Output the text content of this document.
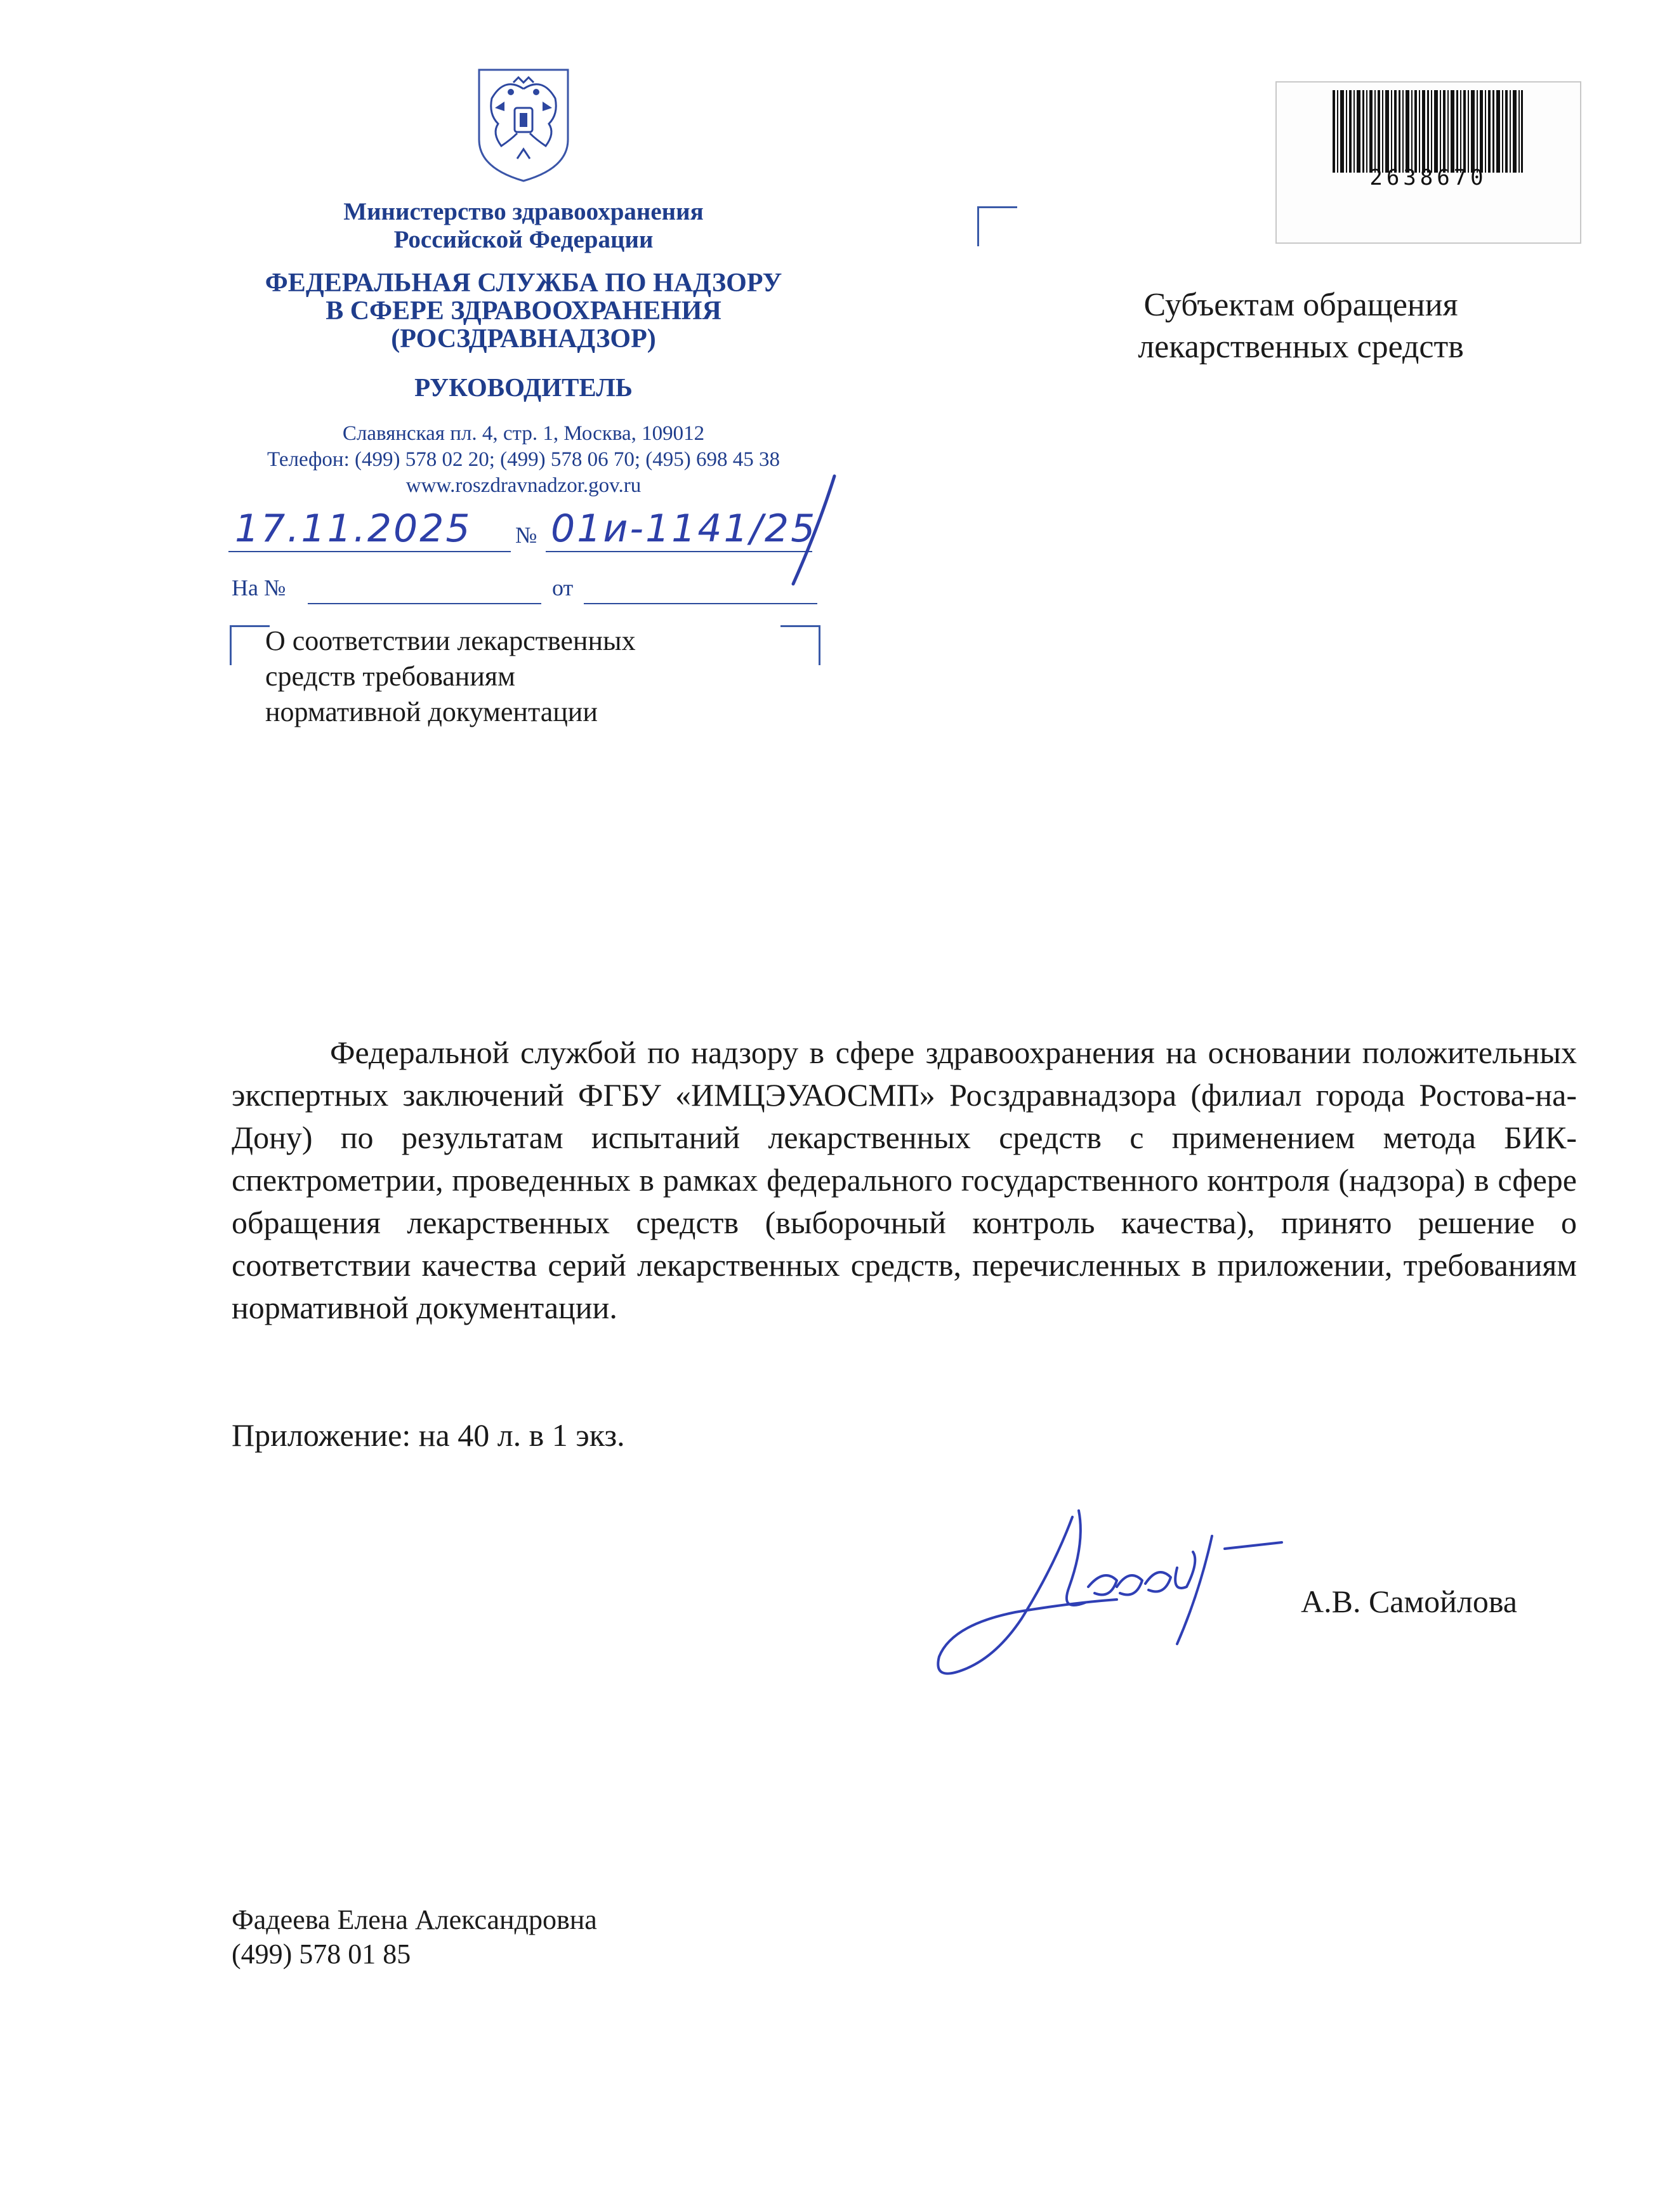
Министерство здравоохранения
Российской Федерации
ФЕДЕРАЛЬНАЯ СЛУЖБА ПО НАДЗОРУ
В СФЕРЕ ЗДРАВООХРАНЕНИЯ
(РОСЗДРАВНАДЗОР)
РУКОВОДИТЕЛЬ
Славянская пл. 4, стр. 1, Москва, 109012
Телефон: (499) 578 02 20; (499) 578 06 70; (495) 698 45 38
www.roszdravnadzor.gov.ru
17.11.2025 № 01и-1141/25
На №	от
2638670
Субъектам обращения
лекарственных средств
О соответствии лекарственных
средств требованиям
нормативной документации
Федеральной службой по надзору в сфере здравоохранения на основании положительных экспертных заключений ФГБУ «ИМЦЭУАОСМП» Росздравнадзора (филиал города Ростова-на-Дону) по результатам испытаний лекарственных средств с применением метода БИК-спектрометрии, проведенных в рамках федерального государственного контроля (надзора) в сфере обращения лекарственных средств (выборочный контроль качества), принято решение о соответствии качества серий лекарственных средств, перечисленных в приложении, требованиям нормативной документации.
Приложение: на 40 л. в 1 экз.
А.В. Самойлова
Фадеева Елена Александровна
(499) 578 01 85
